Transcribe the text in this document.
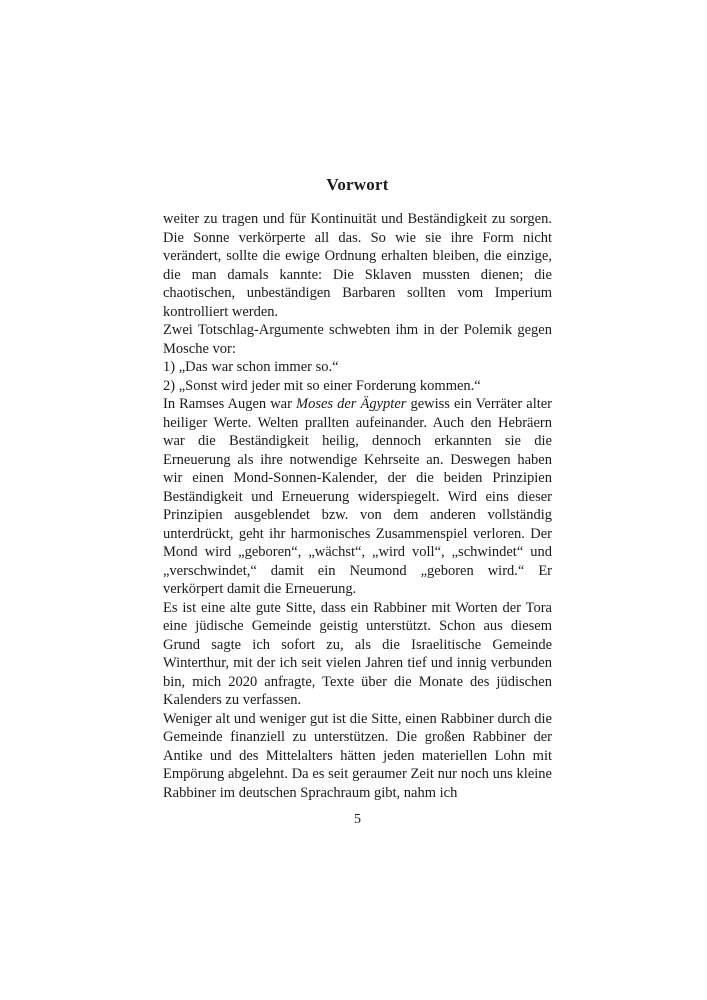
Vorwort

weiter zu tragen und für Kontinuität und Beständigkeit zu sorgen. Die Sonne verkörperte all das. So wie sie ihre Form nicht verändert, sollte die ewige Ordnung erhalten bleiben, die einzige, die man damals kannte: Die Sklaven mussten dienen; die chaotischen, unbeständigen Barbaren sollten vom Imperium kontrolliert werden.

Zwei Totschlag-Argumente schwebten ihm in der Polemik gegen Mosche vor:

1) „Das war schon immer so.“

2) „Sonst wird jeder mit so einer Forderung kommen.“

In Ramses Augen war Moses der Ägypter gewiss ein Verräter alter heiliger Werte. Welten prallten aufeinander. Auch den Hebräern war die Beständigkeit heilig, dennoch erkannten sie die Erneuerung als ihre notwendige Kehrseite an. Deswegen haben wir einen Mond-Sonnen-Kalender, der die beiden Prinzipien Beständigkeit und Erneuerung widerspiegelt. Wird eins dieser Prinzipien ausgeblendet bzw. von dem anderen vollständig unterdrückt, geht ihr harmonisches Zusammenspiel verloren. Der Mond wird „geboren“, „wächst“, „wird voll“, „schwindet“ und „verschwindet,“ damit ein Neumond „geboren wird.“ Er verkörpert damit die Erneuerung.

Es ist eine alte gute Sitte, dass ein Rabbiner mit Worten der Tora eine jüdische Gemeinde geistig unterstützt. Schon aus diesem Grund sagte ich sofort zu, als die Israelitische Gemeinde Winterthur, mit der ich seit vielen Jahren tief und innig verbunden bin, mich 2020 anfragte, Texte über die Monate des jüdischen Kalenders zu verfassen.

Weniger alt und weniger gut ist die Sitte, einen Rabbiner durch die Gemeinde finanziell zu unterstützen. Die großen Rabbiner der Antike und des Mittelalters hätten jeden materiellen Lohn mit Empörung abgelehnt. Da es seit geraumer Zeit nur noch uns kleine Rabbiner im deutschen Sprachraum gibt, nahm ich

5
